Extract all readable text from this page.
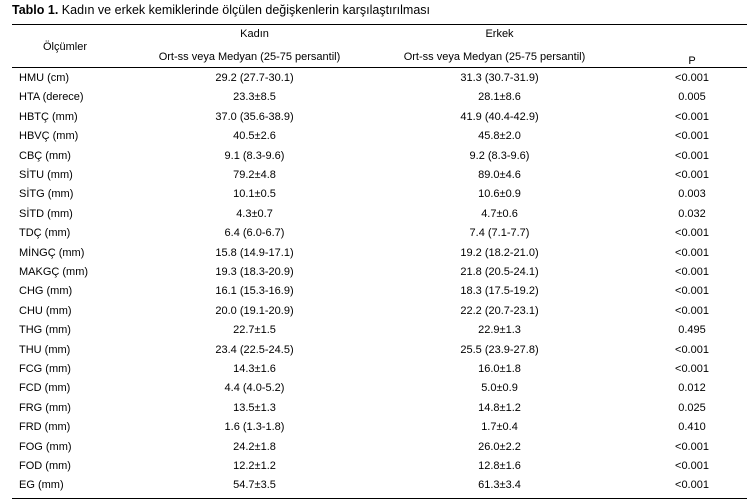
Tablo 1. Kadın ve erkek kemiklerinde ölçülen değişkenlerin karşılaştırılması
Ölçümler
Kadın	Erkek
Ort-ss veya Medyan (25-75 persantil)	Ort-ss veya Medyan (25-75 persantil)	P
HMU (cm)	29.2 (27.7-30.1)	31.3 (30.7-31.9)	<0.001
HTA (derece)	23.3±8.5	28.1±8.6	0.005
HBTÇ (mm)	37.0 (35.6-38.9)	41.9 (40.4-42.9)	<0.001
HBVÇ (mm)	40.5±2.6	45.8±2.0	<0.001
CBÇ (mm)	9.1 (8.3-9.6)	9.2 (8.3-9.6)	<0.001
SİTU (mm)	79.2±4.8	89.0±4.6	<0.001
SİTG (mm)	10.1±0.5	10.6±0.9	0.003
SİTD (mm)	4.3±0.7	4.7±0.6	0.032
TDÇ (mm)	6.4 (6.0-6.7)	7.4 (7.1-7.7)	<0.001
MİNGÇ (mm)	15.8 (14.9-17.1)	19.2 (18.2-21.0)	<0.001
MAKGÇ (mm)	19.3 (18.3-20.9)	21.8 (20.5-24.1)	<0.001
CHG (mm)	16.1 (15.3-16.9)	18.3 (17.5-19.2)	<0.001
CHU (mm)	20.0 (19.1-20.9)	22.2 (20.7-23.1)	<0.001
THG (mm)	22.7±1.5	22.9±1.3	0.495
THU (mm)	23.4 (22.5-24.5)	25.5 (23.9-27.8)	<0.001
FCG (mm)	14.3±1.6	16.0±1.8	<0.001
FCD (mm)	4.4 (4.0-5.2)	5.0±0.9	0.012
FRG (mm)	13.5±1.3	14.8±1.2	0.025
FRD (mm)	1.6 (1.3-1.8)	1.7±0.4	0.410
FOG (mm)	24.2±1.8	26.0±2.2	<0.001
FOD (mm)	12.2±1.2	12.8±1.6	<0.001
EG (mm)	54.7±3.5	61.3±3.4	<0.001
